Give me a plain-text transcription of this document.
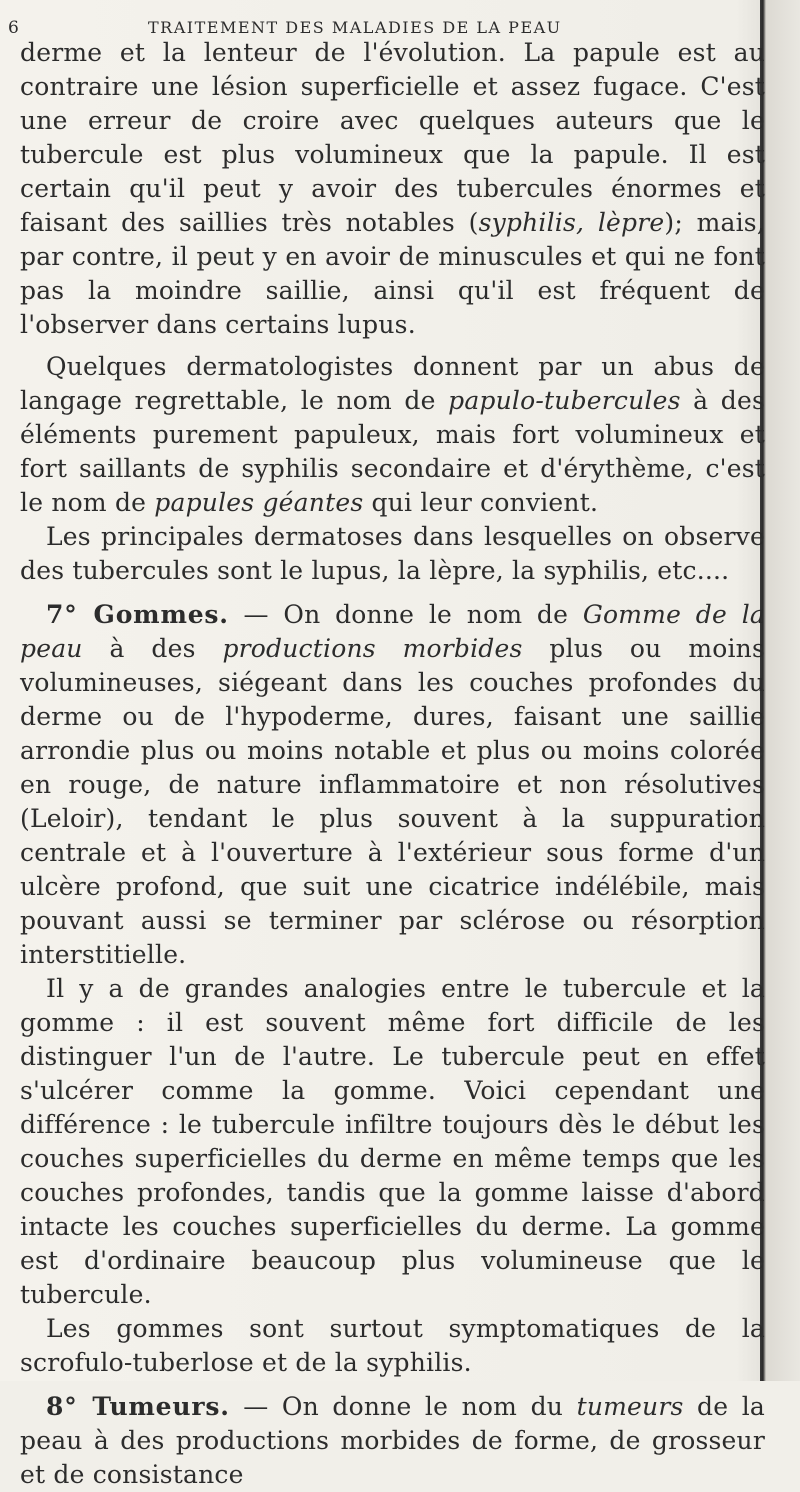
6	TRAITEMENT DES MALADIES DE LA PEAU

derme et la lenteur de l'évolution. La papule est au contraire une lésion superficielle et assez fugace. C'est une erreur de croire avec quelques auteurs que le tubercule est plus volumineux que la papule. Il est certain qu'il peut y avoir des tubercules énormes et faisant des saillies très notables (syphilis, lèpre); mais, par contre, il peut y en avoir de minuscules et qui ne font pas la moindre saillie, ainsi qu'il est fréquent de l'observer dans certains lupus.

Quelques dermatologistes donnent par un abus de langage regrettable, le nom de papulo-tubercules à des éléments purement papuleux, mais fort volumineux et fort saillants de syphilis secondaire et d'érythème, c'est le nom de papules géantes qui leur convient.

Les principales dermatoses dans lesquelles on observe des tubercules sont le lupus, la lèpre, la syphilis, etc....

7° Gommes. — On donne le nom de Gomme de la peau à des productions morbides plus ou moins volumineuses, siégeant dans les couches profondes du derme ou de l'hypoderme, dures, faisant une saillie arrondie plus ou moins notable et plus ou moins colorée en rouge, de nature inflammatoire et non résolutives (Leloir), tendant le plus souvent à la suppuration centrale et à l'ouverture à l'extérieur sous forme d'un ulcère profond, que suit une cicatrice indélébile, mais pouvant aussi se terminer par sclérose ou résorption interstitielle.

Il y a de grandes analogies entre le tubercule et la gomme : il est souvent même fort difficile de les distinguer l'un de l'autre. Le tubercule peut en effet s'ulcérer comme la gomme. Voici cependant une différence : le tubercule infiltre toujours dès le début les couches superficielles du derme en même temps que les couches profondes, tandis que la gomme laisse d'abord intacte les couches superficielles du derme. La gomme est d'ordinaire beaucoup plus volumineuse que le tubercule.

Les gommes sont surtout symptomatiques de la scrofulo-tuberlose et de la syphilis.

8° Tumeurs. — On donne le nom du tumeurs de la peau à des productions morbides de forme, de grosseur et de consistance
